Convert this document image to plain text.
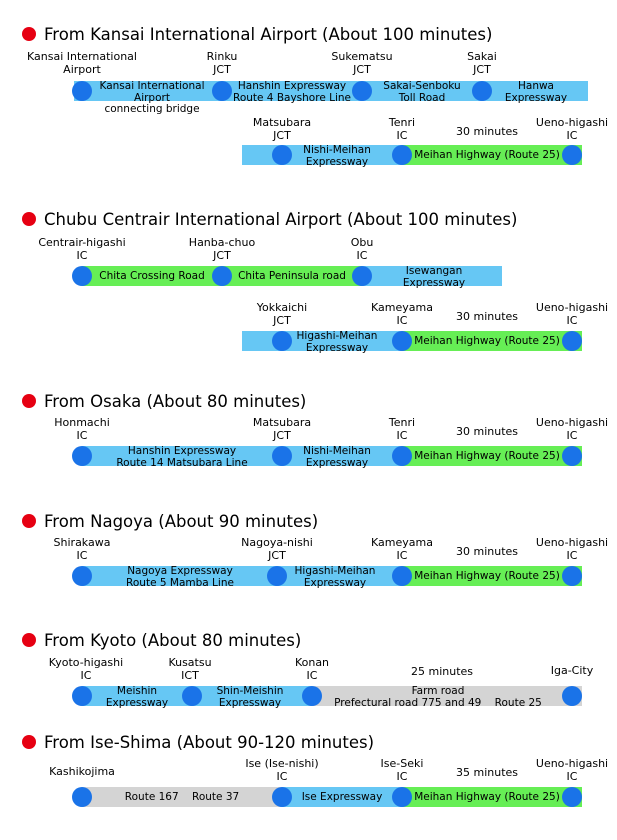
From Kansai International Airport (About 100 minutes)
Kansai International
Airport
Rinku
JCT
Sukematsu
JCT
Sakai
JCT
Kansai International
Airport
connecting bridge
Hanshin Expressway
Route 4 Bayshore Line
Sakai-Senboku
Toll Road
Hanwa
Expressway
Matsubara
JCT
Tenri
IC
Ueno-higashi
IC
30 minutes
Nishi-Meihan
Expressway
Meihan Highway (Route 25)
Chubu Centrair International Airport (About 100 minutes)
Centrair-higashi
IC
Hanba-chuo
JCT
Obu
IC
Chita Crossing Road	Chita Peninsula road	Isewangan
Expressway
Yokkaichi
JCT
Kameyama
IC
Ueno-higashi
IC
30 minutes
Higashi-Meihan
Expressway
Meihan Highway (Route 25)
From Osaka (About 80 minutes)
Honmachi
IC
Matsubara
JCT
Tenri
IC
Ueno-higashi
IC
30 minutes
Hanshin Expressway
Route 14 Matsubara Line
Nishi-Meihan
Expressway
Meihan Highway (Route 25)
From Nagoya (About 90 minutes)
Shirakawa
IC
Nagoya-nishi
JCT
Kameyama
IC
Ueno-higashi
IC
30 minutes
Nagoya Expressway
Route 5 Mamba Line
Higashi-Meihan
Expressway
Meihan Highway (Route 25)
From Kyoto (About 80 minutes)
Kyoto-higashi
IC
Kusatsu
ICT
Konan
IC	Iga-City
25 minutes
Meishin
Expressway
Shin-Meishin
Expressway
Farm road
Prefectural road 775 and 49    Route 25
From Ise-Shima (About 90-120 minutes)
Kashikojima
Ise (Ise-nishi)
IC
Ise-Seki
IC
Ueno-higashi
IC
35 minutes
Route 167    Route 37	Ise Expressway	Meihan Highway (Route 25)
